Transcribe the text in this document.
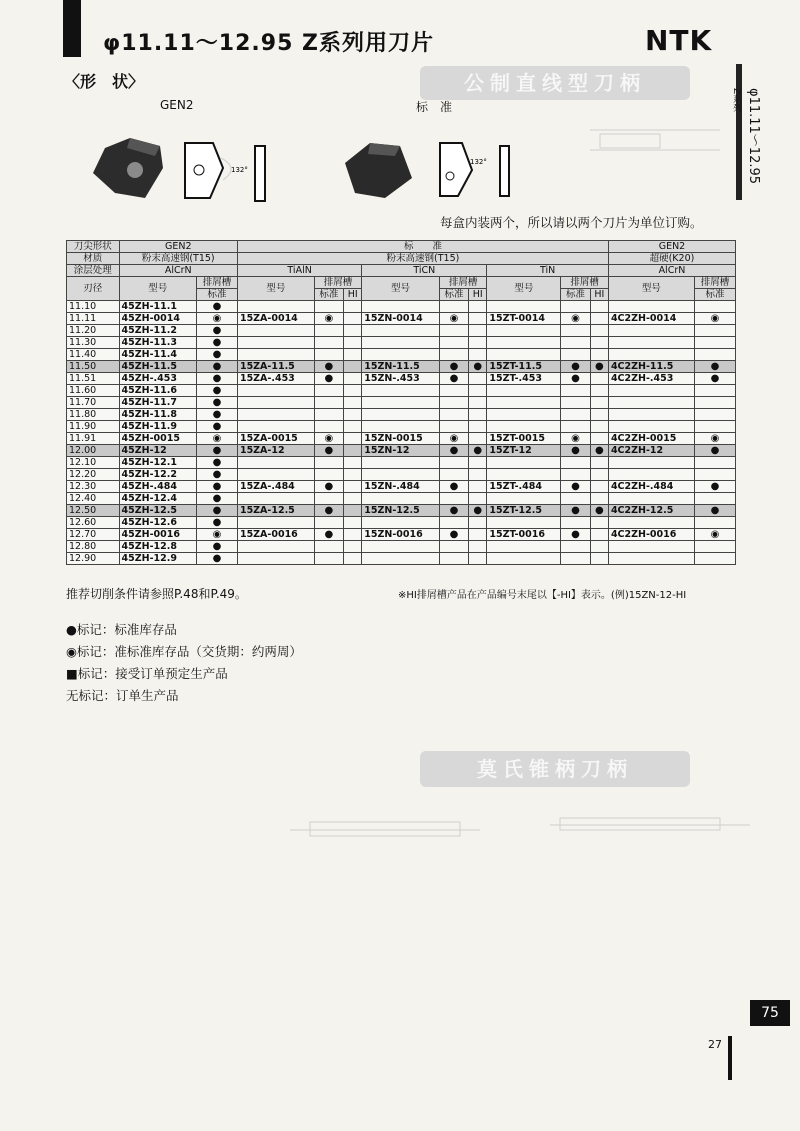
φ11.11～12.95 Z系列用刀片	NTK
φ11.11～12.95
Z系列
公制直线型刀柄
莫氏锥柄刀柄
〈形　状〉
GEN2	标　准
132°
132°
每盒内装两个，所以请以两个刀片为单位订购。
刀尖形状	GEN2		标　　准									GEN2	
材质	粉末高速钢(T15)		粉末高速钢(T15)									超硬(K20)	
涂层处理	AlCrN		TiAlN			TiCN			TiN			AlCrN	
刃径	型号	排屑槽	型号	排屑槽		型号	排屑槽		型号	排屑槽		型号	排屑槽
		标准		标准	HI		标准	HI		标准	HI		标准
11.10	45ZH-11.1	●											
11.11	45ZH-0014	◉	15ZA-0014	◉		15ZN-0014	◉		15ZT-0014	◉		4C2ZH-0014	◉
11.20	45ZH-11.2	●											
11.30	45ZH-11.3	●											
11.40	45ZH-11.4	●											
11.50	45ZH-11.5	●	15ZA-11.5	●		15ZN-11.5	●	●	15ZT-11.5	●	●	4C2ZH-11.5	●
11.51	45ZH-.453	●	15ZA-.453	●		15ZN-.453	●		15ZT-.453	●		4C2ZH-.453	●
11.60	45ZH-11.6	●											
11.70	45ZH-11.7	●											
11.80	45ZH-11.8	●											
11.90	45ZH-11.9	●											
11.91	45ZH-0015	◉	15ZA-0015	◉		15ZN-0015	◉		15ZT-0015	◉		4C2ZH-0015	◉
12.00	45ZH-12	●	15ZA-12	●		15ZN-12	●	●	15ZT-12	●	●	4C2ZH-12	●
12.10	45ZH-12.1	●											
12.20	45ZH-12.2	●											
12.30	45ZH-.484	●	15ZA-.484	●		15ZN-.484	●		15ZT-.484	●		4C2ZH-.484	●
12.40	45ZH-12.4	●											
12.50	45ZH-12.5	●	15ZA-12.5	●		15ZN-12.5	●	●	15ZT-12.5	●	●	4C2ZH-12.5	●
12.60	45ZH-12.6	●											
12.70	45ZH-0016	◉	15ZA-0016	●		15ZN-0016	●		15ZT-0016	●		4C2ZH-0016	◉
12.80	45ZH-12.8	●											
12.90	45ZH-12.9	●											
推荐切削条件请参照P.48和P.49。	※HI排屑槽产品在产品编号末尾以【-HI】表示。(例)15ZN-12-HI
●标记：标准库存品
◉标记：准标准库存品（交货期：约两周）
■标记：接受订单预定生产品
无标记：订单生产品
75
27
